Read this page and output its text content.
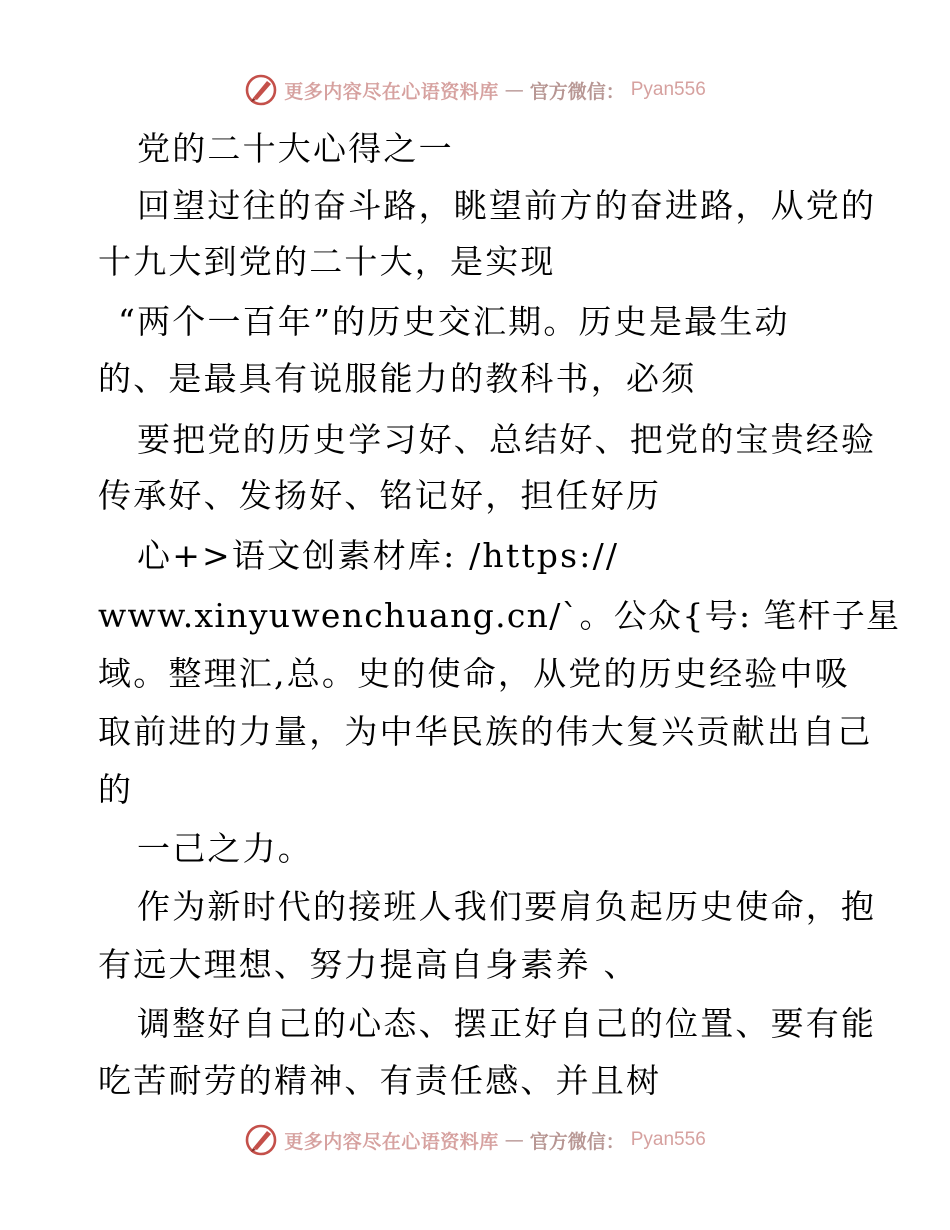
更多内容尽在心语资料库 — 官方微信： Pyan556
党的二十大心得之一
回望过往的奋斗路，眺望前方的奋进路，从党的
十九大到党的二十大，是实现
“两个一百年”的历史交汇期。历史是最生动
的、是最具有说服能力的教科书，必须
要把党的历史学习好、总结好、把党的宝贵经验
传承好、发扬好、铭记好，担任好历
心+>语文创素材库: /https://
www.xinyuwenchuang.cn/`。公众{号: 笔杆子星
域。整理汇,总。史的使命，从党的历史经验中吸
取前进的力量，为中华民族的伟大复兴贡献出自己
的
一己之力。
作为新时代的接班人我们要肩负起历史使命，抱
有远大理想、努力提高自身素养 、
调整好自己的心态、摆正好自己的位置、要有能
吃苦耐劳的精神、有责任感、并且树
更多内容尽在心语资料库 — 官方微信： Pyan556
